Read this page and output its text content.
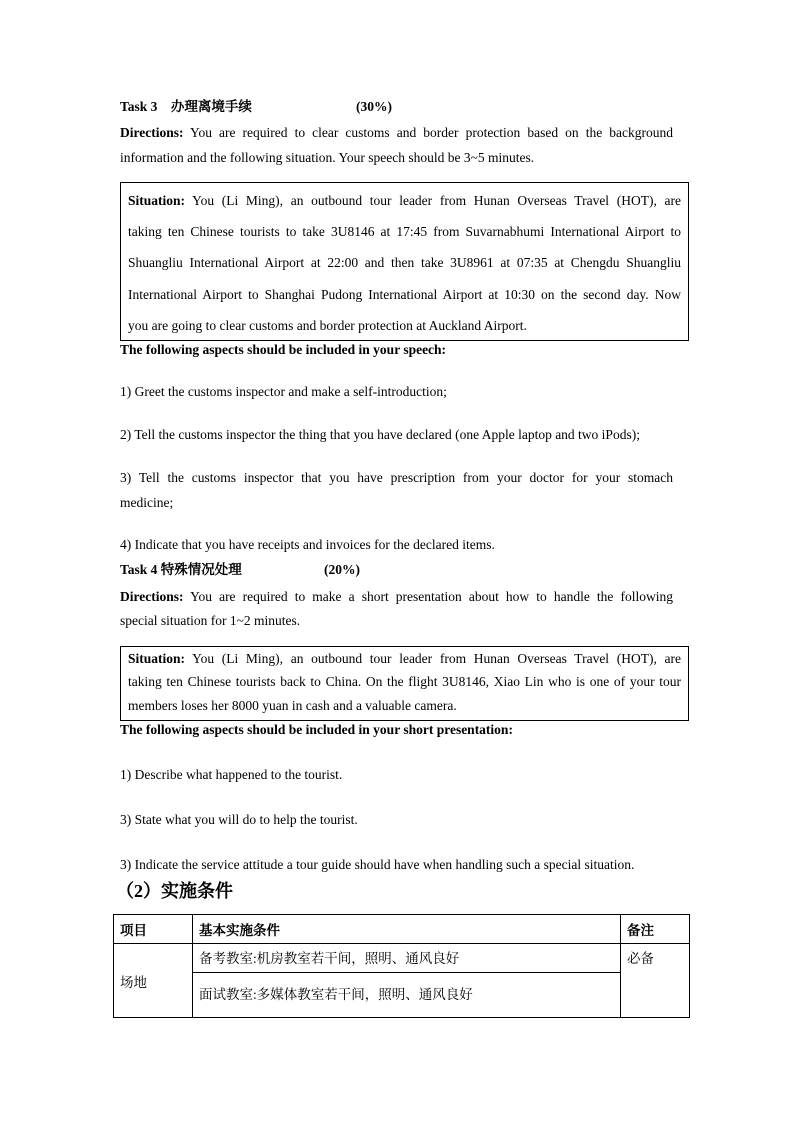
Task 3　办理离境手续	(30%)
Directions: You are required to clear customs and border protection based on the background
information and the following situation. Your speech should be 3~5 minutes.
Situation: You (Li Ming), an outbound tour leader from Hunan Overseas Travel (HOT), are
taking ten Chinese tourists to take 3U8146 at 17:45 from Suvarnabhumi International Airport to
Shuangliu International Airport at 22:00 and then take 3U8961 at 07:35 at Chengdu Shuangliu
International Airport to Shanghai Pudong International Airport at 10:30 on the second day. Now
you are going to clear customs and border protection at Auckland Airport.
The following aspects should be included in your speech:
1) Greet the customs inspector and make a self-introduction;
2) Tell the customs inspector the thing that you have declared (one Apple laptop and two iPods);
3) Tell the customs inspector that you have prescription from your doctor for your stomach
medicine;
4) Indicate that you have receipts and invoices for the declared items.
Task 4 特殊情况处理	(20%)
Directions: You are required to make a short presentation about how to handle the following
special situation for 1~2 minutes.
Situation: You (Li Ming), an outbound tour leader from Hunan Overseas Travel (HOT), are
taking ten Chinese tourists back to China. On the flight 3U8146, Xiao Lin who is one of your tour
members loses her 8000 yuan in cash and a valuable camera.
The following aspects should be included in your short presentation:
1) Describe what happened to the tourist.
3) State what you will do to help the tourist.
3) Indicate the service attitude a tour guide should have when handling such a special situation.
（2）实施条件
项目	基本实施条件	备注
场地	备考教室:机房教室若干间，照明、通风良好	必备
	面试教室:多媒体教室若干间，照明、通风良好	
